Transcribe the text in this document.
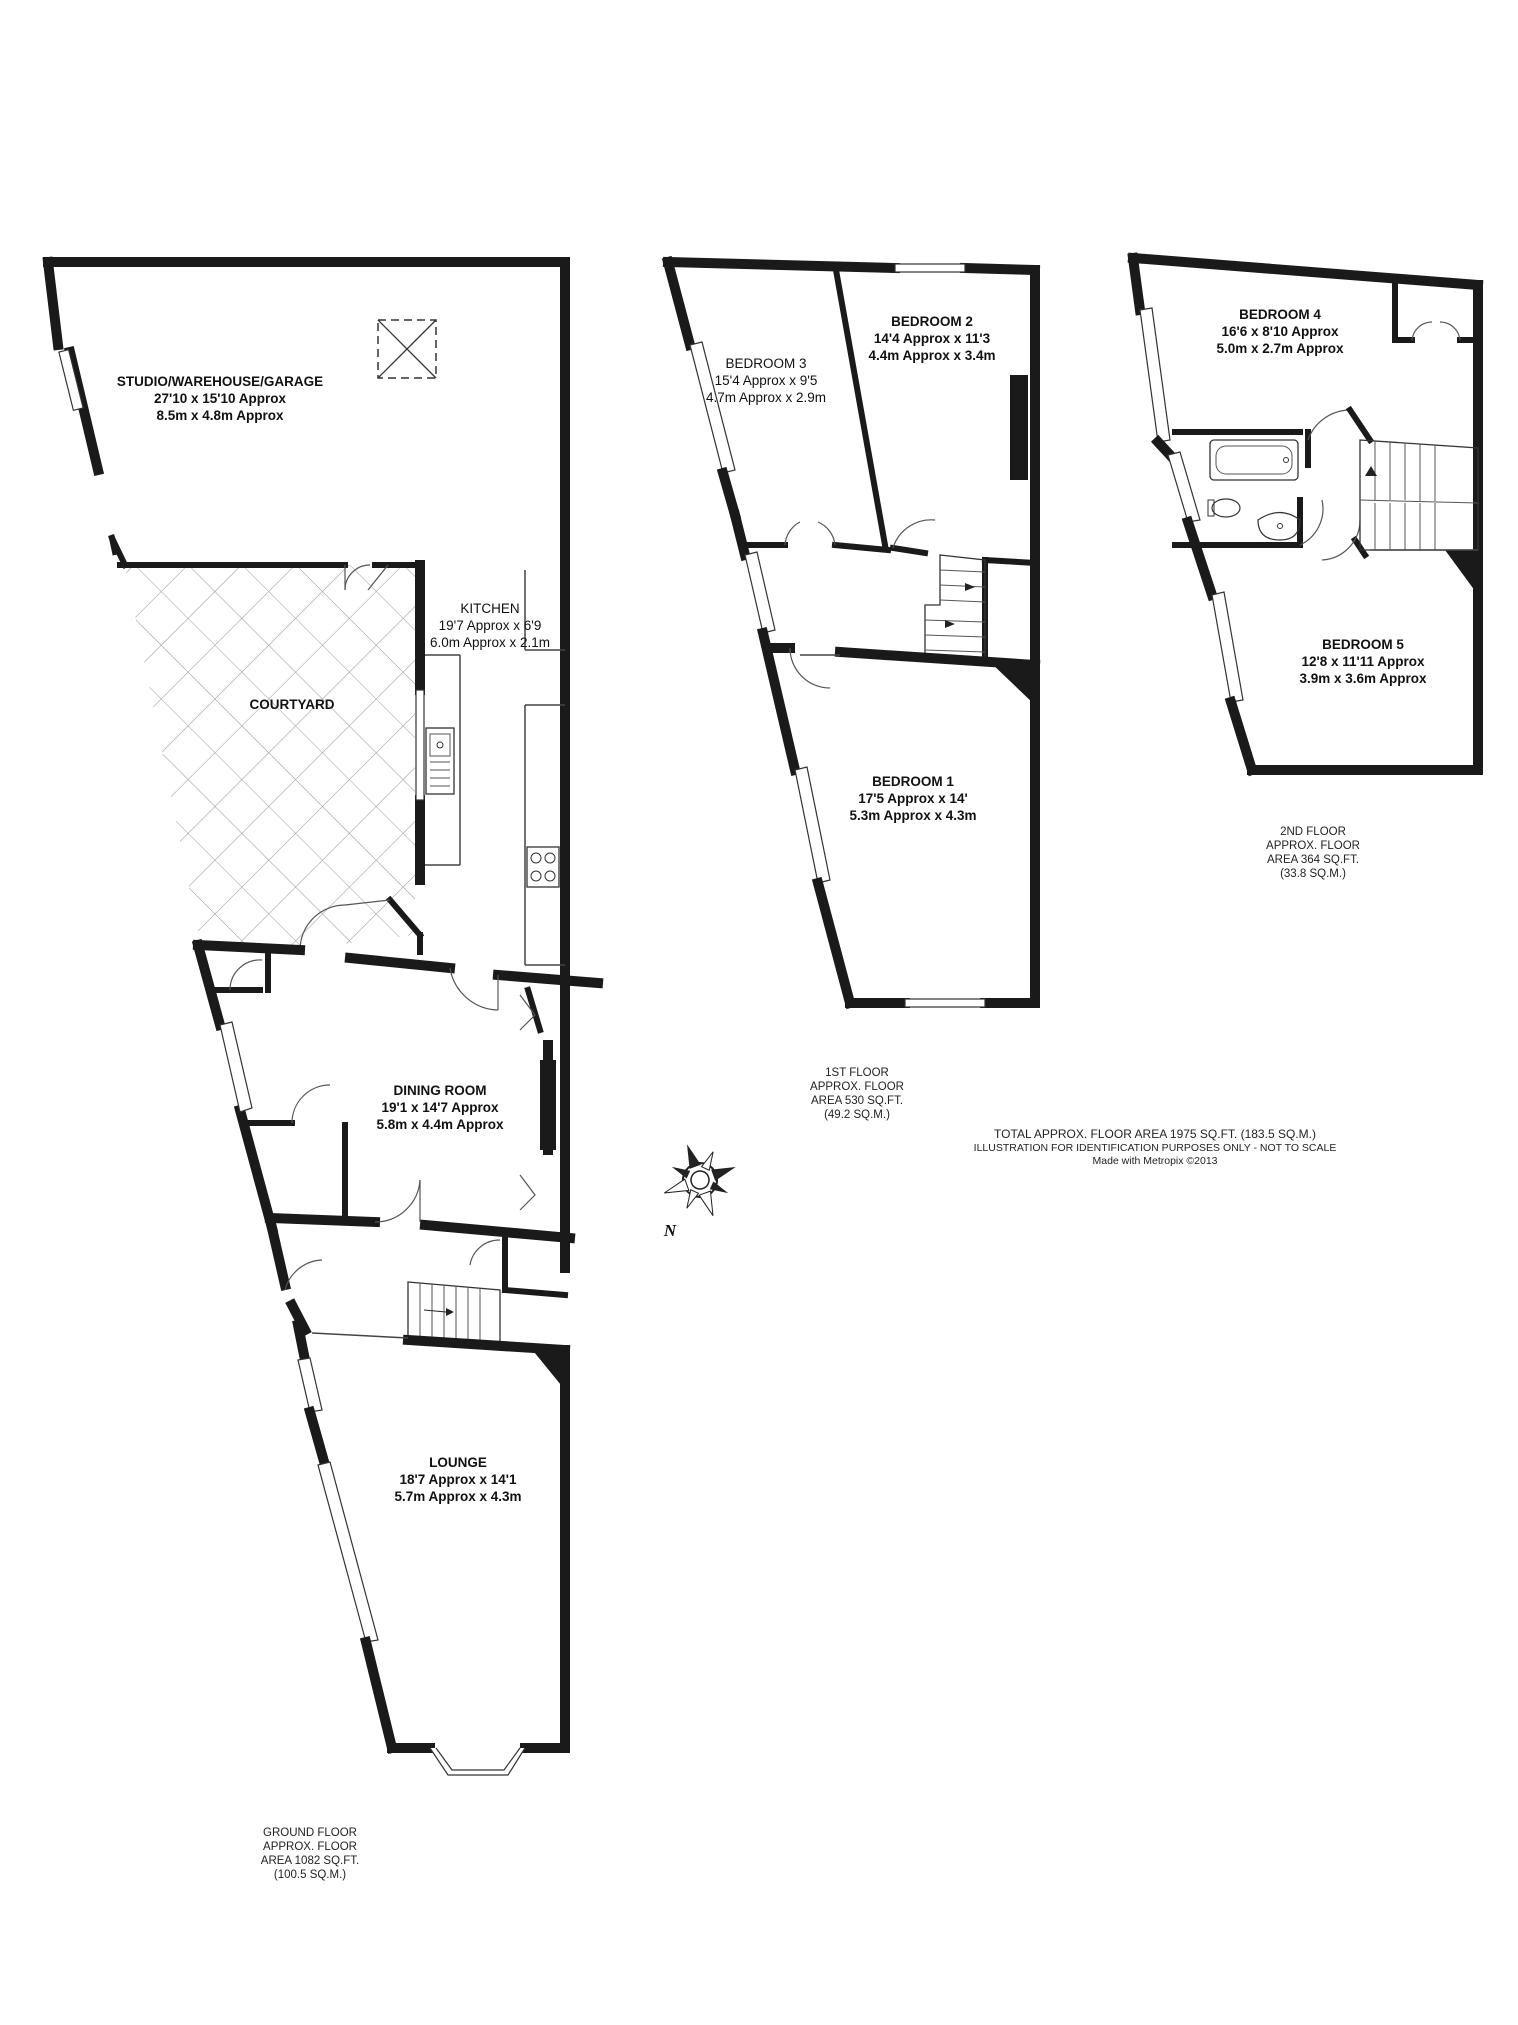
N
STUDIO/WAREHOUSE/GARAGE
27'10 x 15'10 Approx
8.5m x 4.8m Approx
KITCHEN
19'7 Approx x 6'9
6.0m Approx x 2.1m
COURTYARD
DINING ROOM
19'1 x 14'7 Approx
5.8m x 4.4m Approx
LOUNGE
18'7 Approx x 14'1
5.7m Approx x 4.3m
BEDROOM 3
15'4 Approx x 9'5
4.7m Approx x 2.9m
BEDROOM 2
14'4 Approx x 11'3
4.4m Approx x 3.4m
BEDROOM 1
17'5 Approx x 14'
5.3m Approx x 4.3m
BEDROOM 4
16'6 x 8'10 Approx
5.0m x 2.7m Approx
BEDROOM 5
12'8 x 11'11 Approx
3.9m x 3.6m Approx
GROUND FLOOR
APPROX. FLOOR
AREA 1082 SQ.FT.
(100.5 SQ.M.)
1ST FLOOR
APPROX. FLOOR
AREA 530 SQ.FT.
(49.2 SQ.M.)
2ND FLOOR
APPROX. FLOOR
AREA 364 SQ.FT.
(33.8 SQ.M.)
TOTAL APPROX. FLOOR AREA 1975 SQ.FT. (183.5 SQ.M.)
ILLUSTRATION FOR IDENTIFICATION PURPOSES ONLY - NOT TO SCALE
Made with Metropix ©2013
